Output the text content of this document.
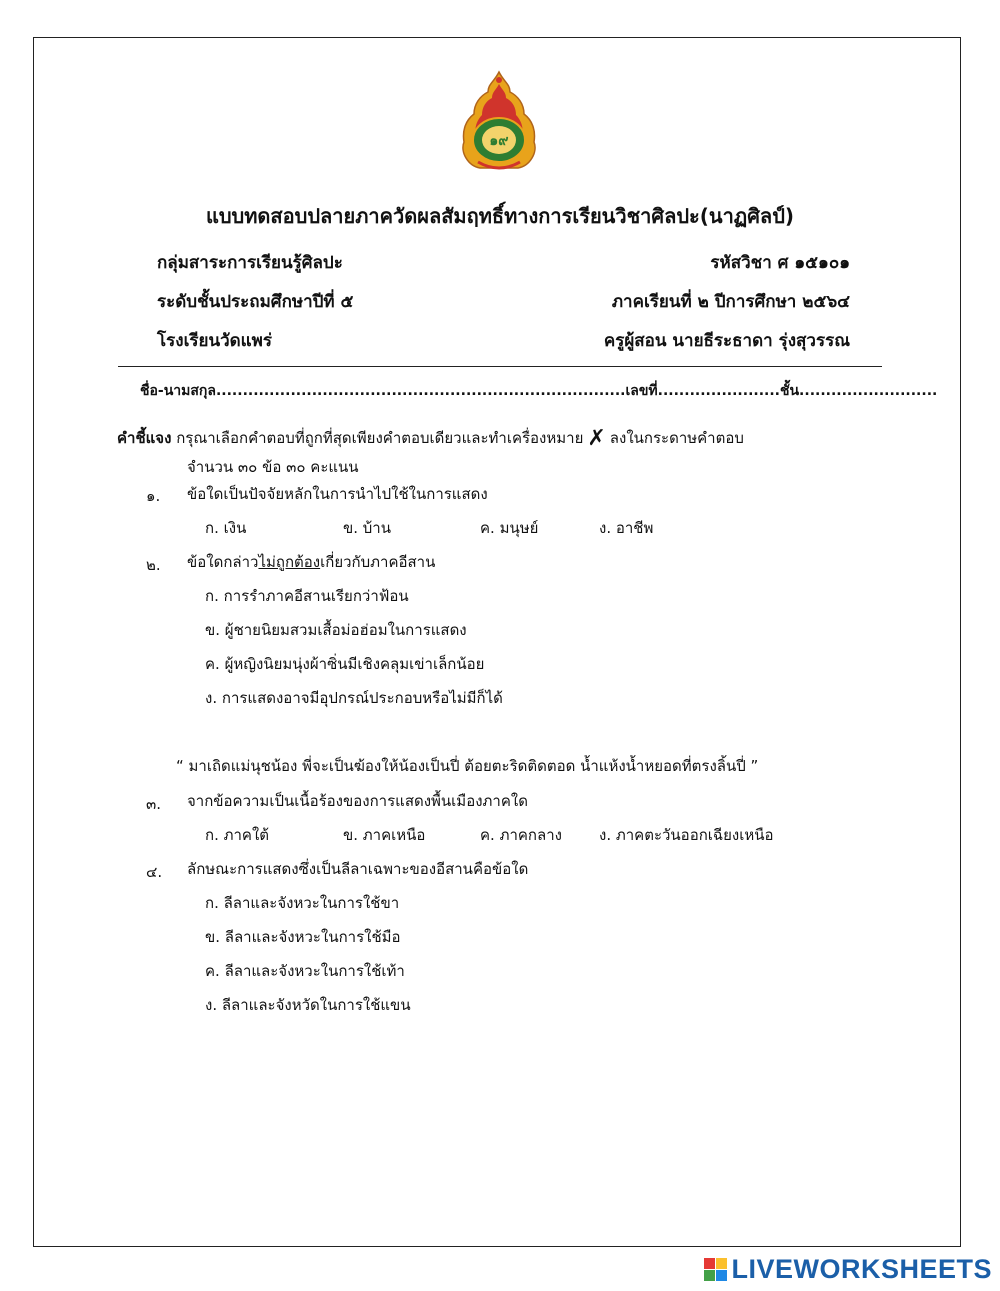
๑๙
แบบทดสอบปลายภาควัดผลสัมฤทธิ์ทางการเรียนวิชาศิลปะ(นาฏศิลป์)
กลุ่มสาระการเรียนรู้ศิลปะ	รหัสวิชา ศ ๑๕๑๐๑
ระดับชั้นประถมศึกษาปีที่ ๕	ภาคเรียนที่ ๒ ปีการศึกษา ๒๕๖๔
โรงเรียนวัดแพร่	ครูผู้สอน นายธีระธาดา รุ่งสุวรรณ
ชื่อ-นามสกุล.............................................................................เลขที่.......................ชั้น..........................
คำชี้แจง กรุณาเลือกคำตอบที่ถูกที่สุดเพียงคำตอบเดียวและทำเครื่องหมาย ✗ ลงในกระดาษคำตอบ
จำนวน ๓๐ ข้อ ๓๐ คะแนน
๑. ข้อใดเป็นปัจจัยหลักในการนำไปใช้ในการแสดง
ก. เงิน	ข. บ้าน	ค. มนุษย์	ง. อาชีพ
๒. ข้อใดกล่าวไม่ถูกต้องเกี่ยวกับภาคอีสาน
ก. การรำภาคอีสานเรียกว่าฟ้อน
ข. ผู้ชายนิยมสวมเสื้อม่อฮ่อมในการแสดง
ค. ผู้หญิงนิยมนุ่งผ้าซิ่นมีเชิงคลุมเข่าเล็กน้อย
ง. การแสดงอาจมีอุปกรณ์ประกอบหรือไม่มีก็ได้
“ มาเถิดแม่นุชน้อง พี่จะเป็นฆ้องให้น้องเป็นปี่ ต้อยตะริดติดตอด น้ำแห้งน้ำหยอดที่ตรงลิ้นปี่ ”
๓. จากข้อความเป็นเนื้อร้องของการแสดงพื้นเมืองภาคใด
ก. ภาคใต้	ข. ภาคเหนือ	ค. ภาคกลาง ง. ภาคตะวันออกเฉียงเหนือ
๔. ลักษณะการแสดงซึ่งเป็นลีลาเฉพาะของอีสานคือข้อใด
ก. ลีลาและจังหวะในการใช้ขา
ข. ลีลาและจังหวะในการใช้มือ
ค. ลีลาและจังหวะในการใช้เท้า
ง. ลีลาและจังหวัดในการใช้แขน
LIVEWORKSHEETS
